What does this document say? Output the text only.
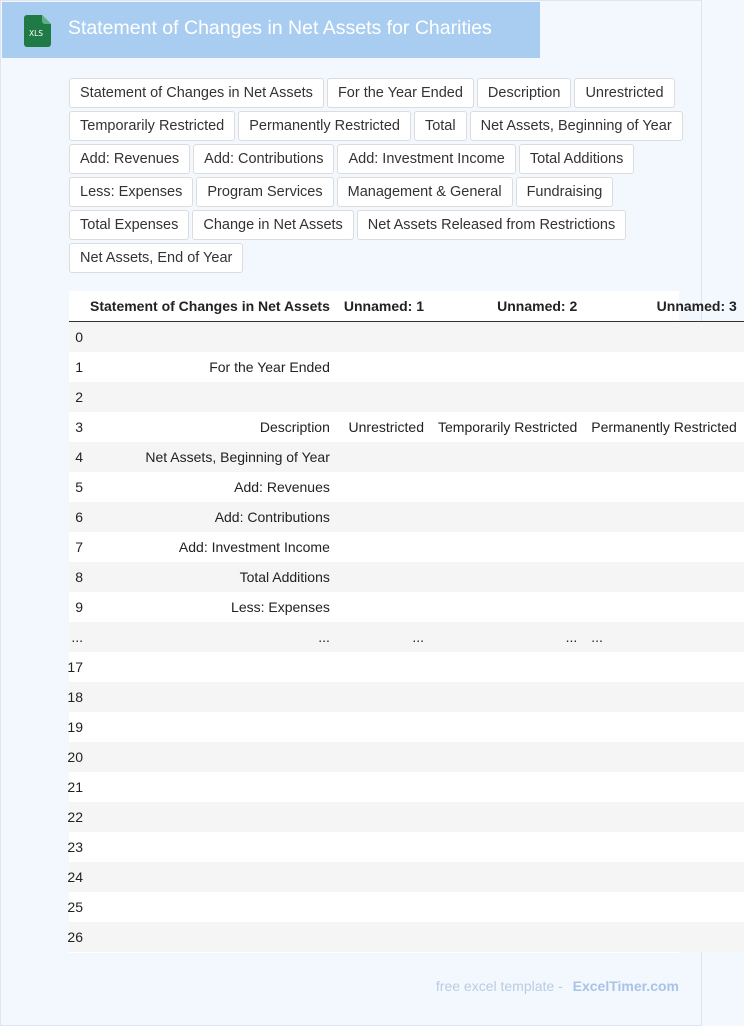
XLS Statement of Changes in Net Assets for Charities
Statement of Changes in Net Assets	For the Year Ended	Description	Unrestricted
Temporarily Restricted	Permanently Restricted	Total	Net Assets, Beginning of Year
Add: Revenues	Add: Contributions	Add: Investment Income	Total Additions
Less: Expenses	Program Services	Management & General	Fundraising
Total Expenses	Change in Net Assets	Net Assets Released from Restrictions
Net Assets, End of Year
	Statement of Changes in Net Assets	Unnamed: 1	Unnamed: 2	Unnamed: 3
0				
1	For the Year Ended			
2				
3	Description	Unrestricted	Temporarily Restricted	Permanently Restricted
4	Net Assets, Beginning of Year			
5	Add: Revenues			
6	Add: Contributions			
7	Add: Investment Income			
8	Total Additions			
9	Less: Expenses			
...	...	...	...	...
17				
18				
19				
20				
21				
22				
23				
24				
25				
26				
free excel template - ExcelTimer.com
